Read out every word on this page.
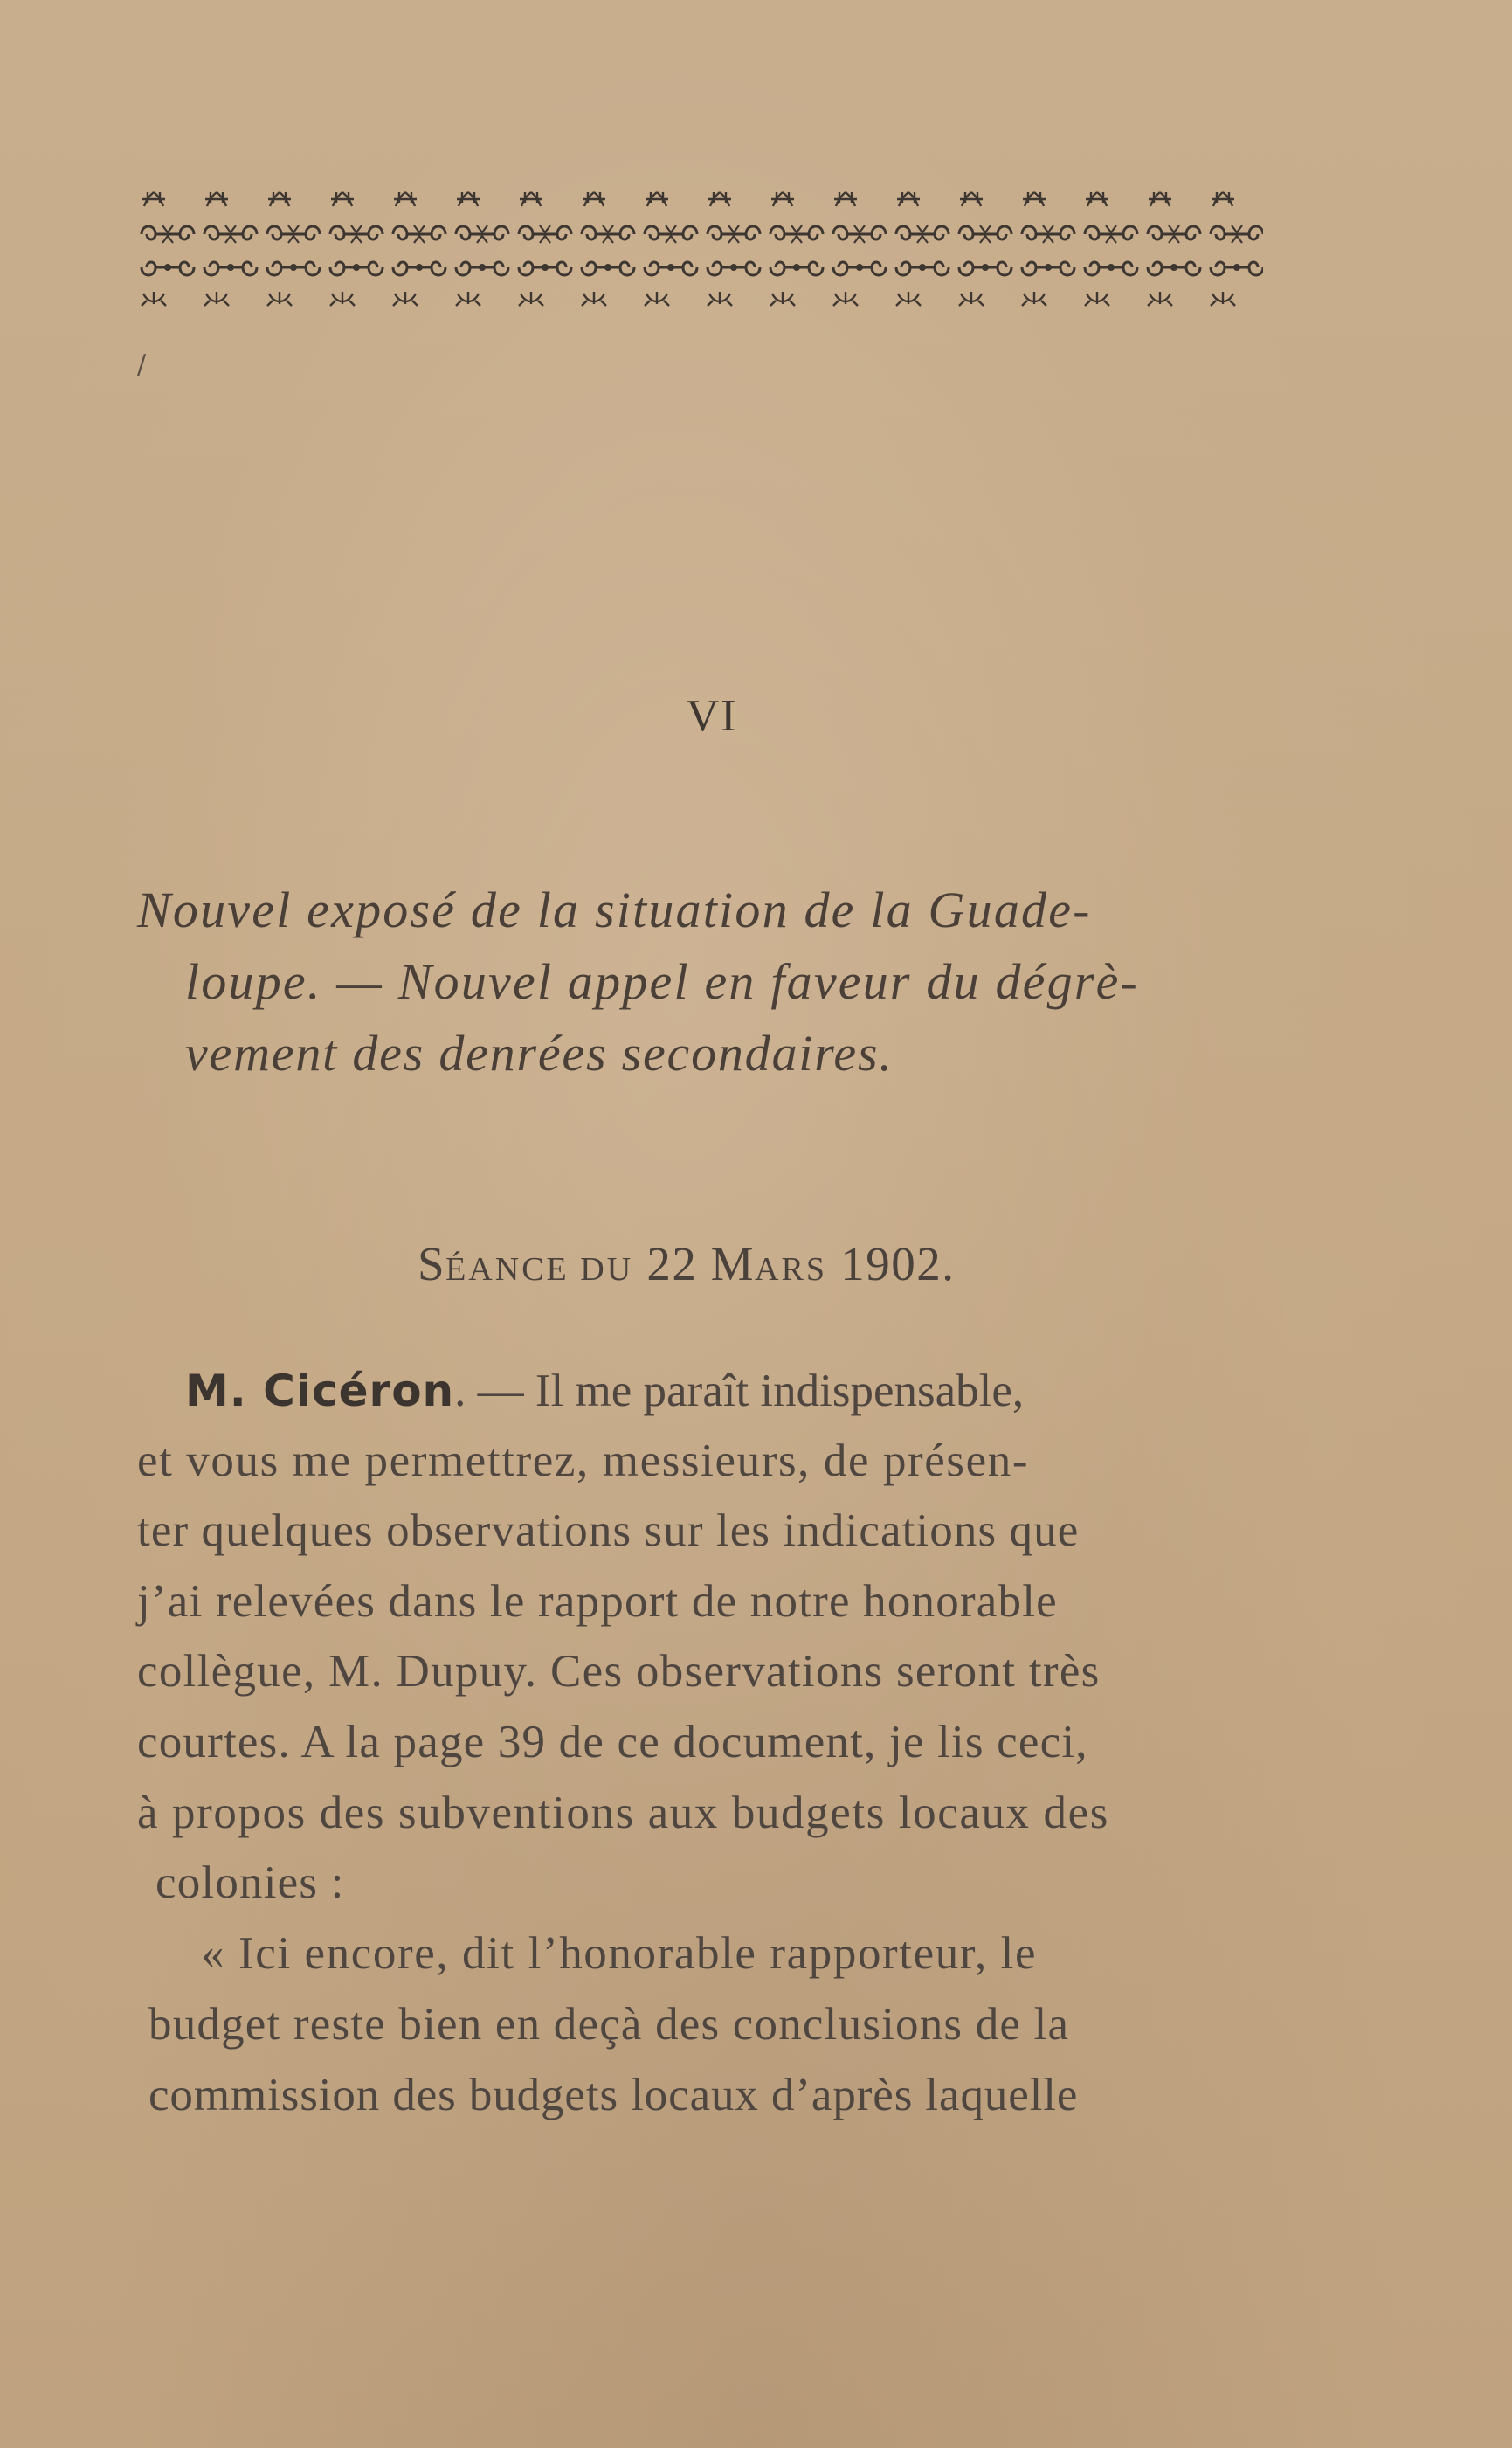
/
VI
Nouvel exposé de la situation de la Guade-
loupe. — Nouvel appel en faveur du dégrè-
vement des denrées secondaires.
SÉANCE DU 22 MARS 1902.
M. Cicéron. — Il me paraît indispensable,
et vous me permettrez, messieurs, de présen-
ter quelques observations sur les indications que
j’ai relevées dans le rapport de notre honorable
collègue, M. Dupuy. Ces observations seront très
courtes. A la page 39 de ce document, je lis ceci,
à propos des subventions aux budgets locaux des
colonies :
« Ici encore, dit l’honorable rapporteur, le
budget reste bien en deçà des conclusions de la
commission des budgets locaux d’après laquelle
